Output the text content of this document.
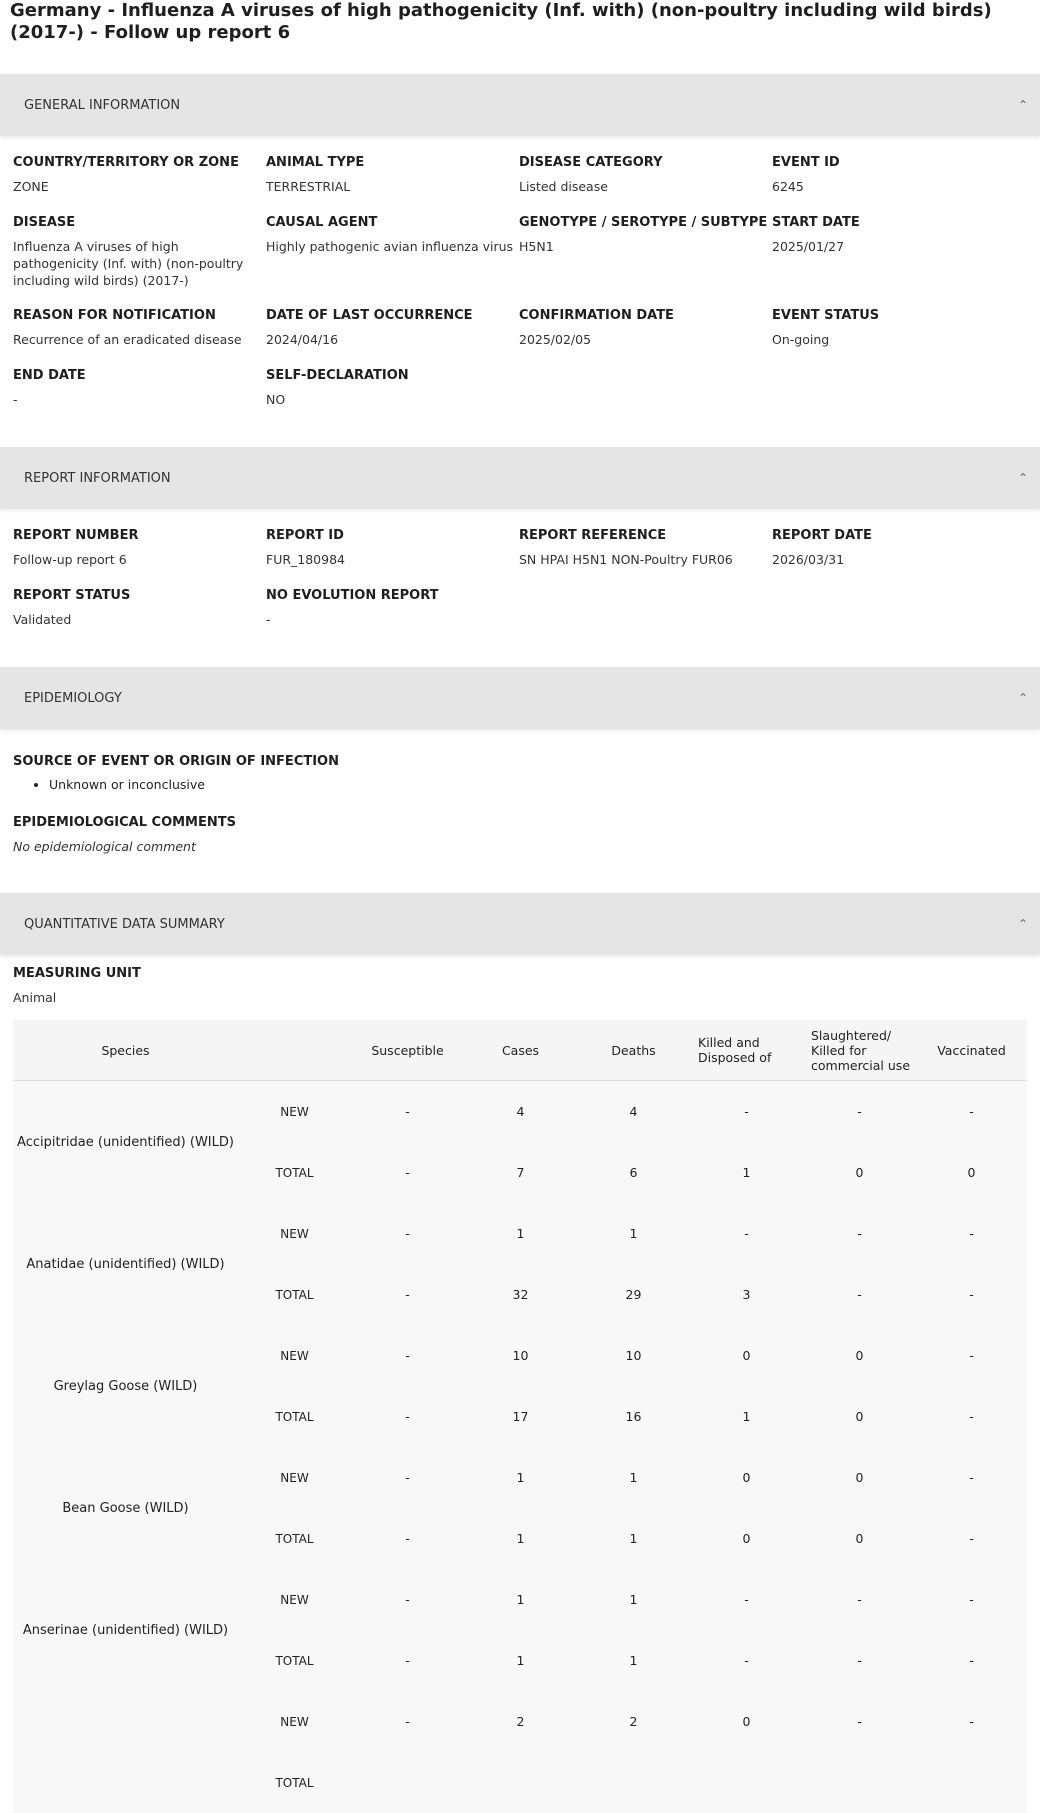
Germany - Influenza A viruses of high pathogenicity (Inf. with) (non-poultry including wild birds) (2017-) - Follow up report 6
GENERAL INFORMATION	⌃
COUNTRY/TERRITORY OR ZONE
ZONE
ANIMAL TYPE
TERRESTRIAL
DISEASE CATEGORY
Listed disease
EVENT ID
6245
DISEASE
Influenza A viruses of high pathogenicity (Inf. with) (non-poultry including wild birds) (2017-)
CAUSAL AGENT
Highly pathogenic avian influenza virus
GENOTYPE / SEROTYPE / SUBTYPE
H5N1
START DATE
2025/01/27
REASON FOR NOTIFICATION
Recurrence of an eradicated disease
DATE OF LAST OCCURRENCE
2024/04/16
CONFIRMATION DATE
2025/02/05
EVENT STATUS
On-going
END DATE
-
SELF-DECLARATION
NO
REPORT INFORMATION	⌃
REPORT NUMBER
Follow-up report 6
REPORT ID
FUR_180984
REPORT REFERENCE
SN HPAI H5N1 NON-Poultry FUR06
REPORT DATE
2026/03/31
REPORT STATUS
Validated
NO EVOLUTION REPORT
-
EPIDEMIOLOGY	⌃
SOURCE OF EVENT OR ORIGIN OF INFECTION
• Unknown or inconclusive
EPIDEMIOLOGICAL COMMENTS
No epidemiological comment
QUANTITATIVE DATA SUMMARY	⌃
MEASURING UNIT
Animal
Species		Susceptible	Cases	Deaths	Killed and Disposed of	Slaughtered/ Killed for commercial use	Vaccinated
Accipitridae (unidentified) (WILD)	NEW	-	4	4	-	-	-
	TOTAL	-	7	6	1	0	0
Anatidae (unidentified) (WILD)	NEW	-	1	1	-	-	-
	TOTAL	-	32	29	3	-	-
Greylag Goose (WILD)	NEW	-	10	10	0	0	-
	TOTAL	-	17	16	1	0	-
Bean Goose (WILD)	NEW	-	1	1	0	0	-
	TOTAL	-	1	1	0	0	-
Anserinae (unidentified) (WILD)	NEW	-	1	1	-	-	-
	TOTAL	-	1	1	-	-	-
	NEW	-	2	2	0	-	-
	TOTAL						
